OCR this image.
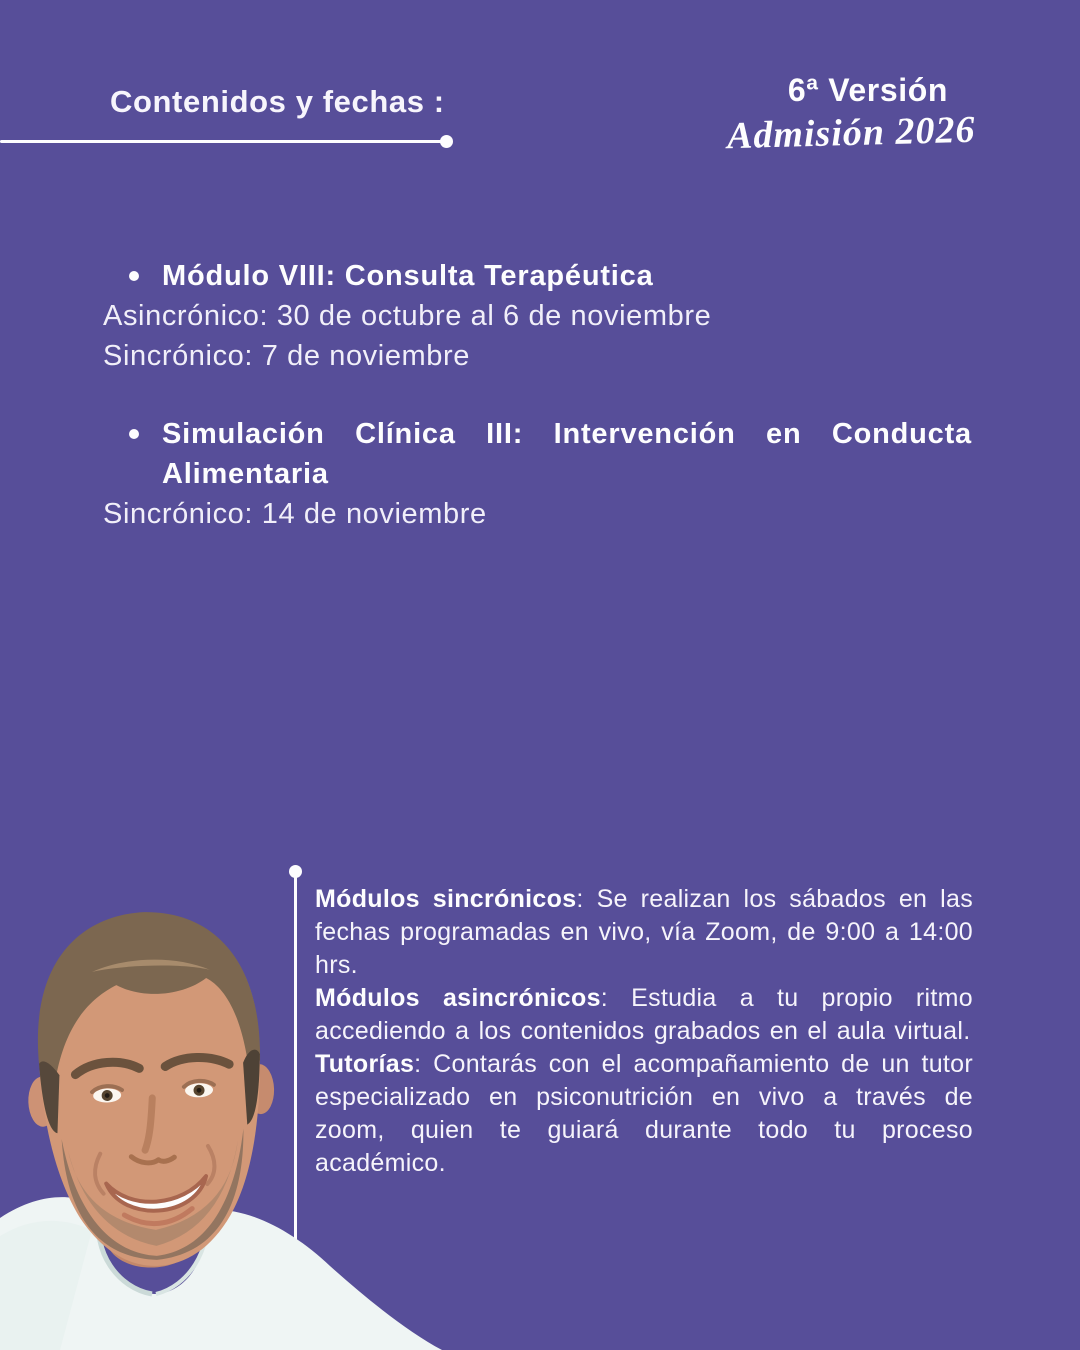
Contenidos y fechas :	6ª Versión
Admisión 2026
Módulo VIII: Consulta Terapéutica
Asincrónico: 30 de octubre al 6 de noviembre
Sincrónico: 7 de noviembre
Simulación Clínica III: Intervención en Conducta Alimentaria
Sincrónico: 14 de noviembre

Módulos sincrónicos: Se realizan los sábados en las fechas programadas en vivo, vía Zoom, de 9:00 a 14:00 hrs.

Módulos asincrónicos: Estudia a tu propio ritmo accediendo a los contenidos grabados en el aula virtual.

Tutorías: Contarás con el acompañamiento de un tutor especializado en psiconutrición en vivo a través de zoom, quien te guiará durante todo tu proceso académico.
